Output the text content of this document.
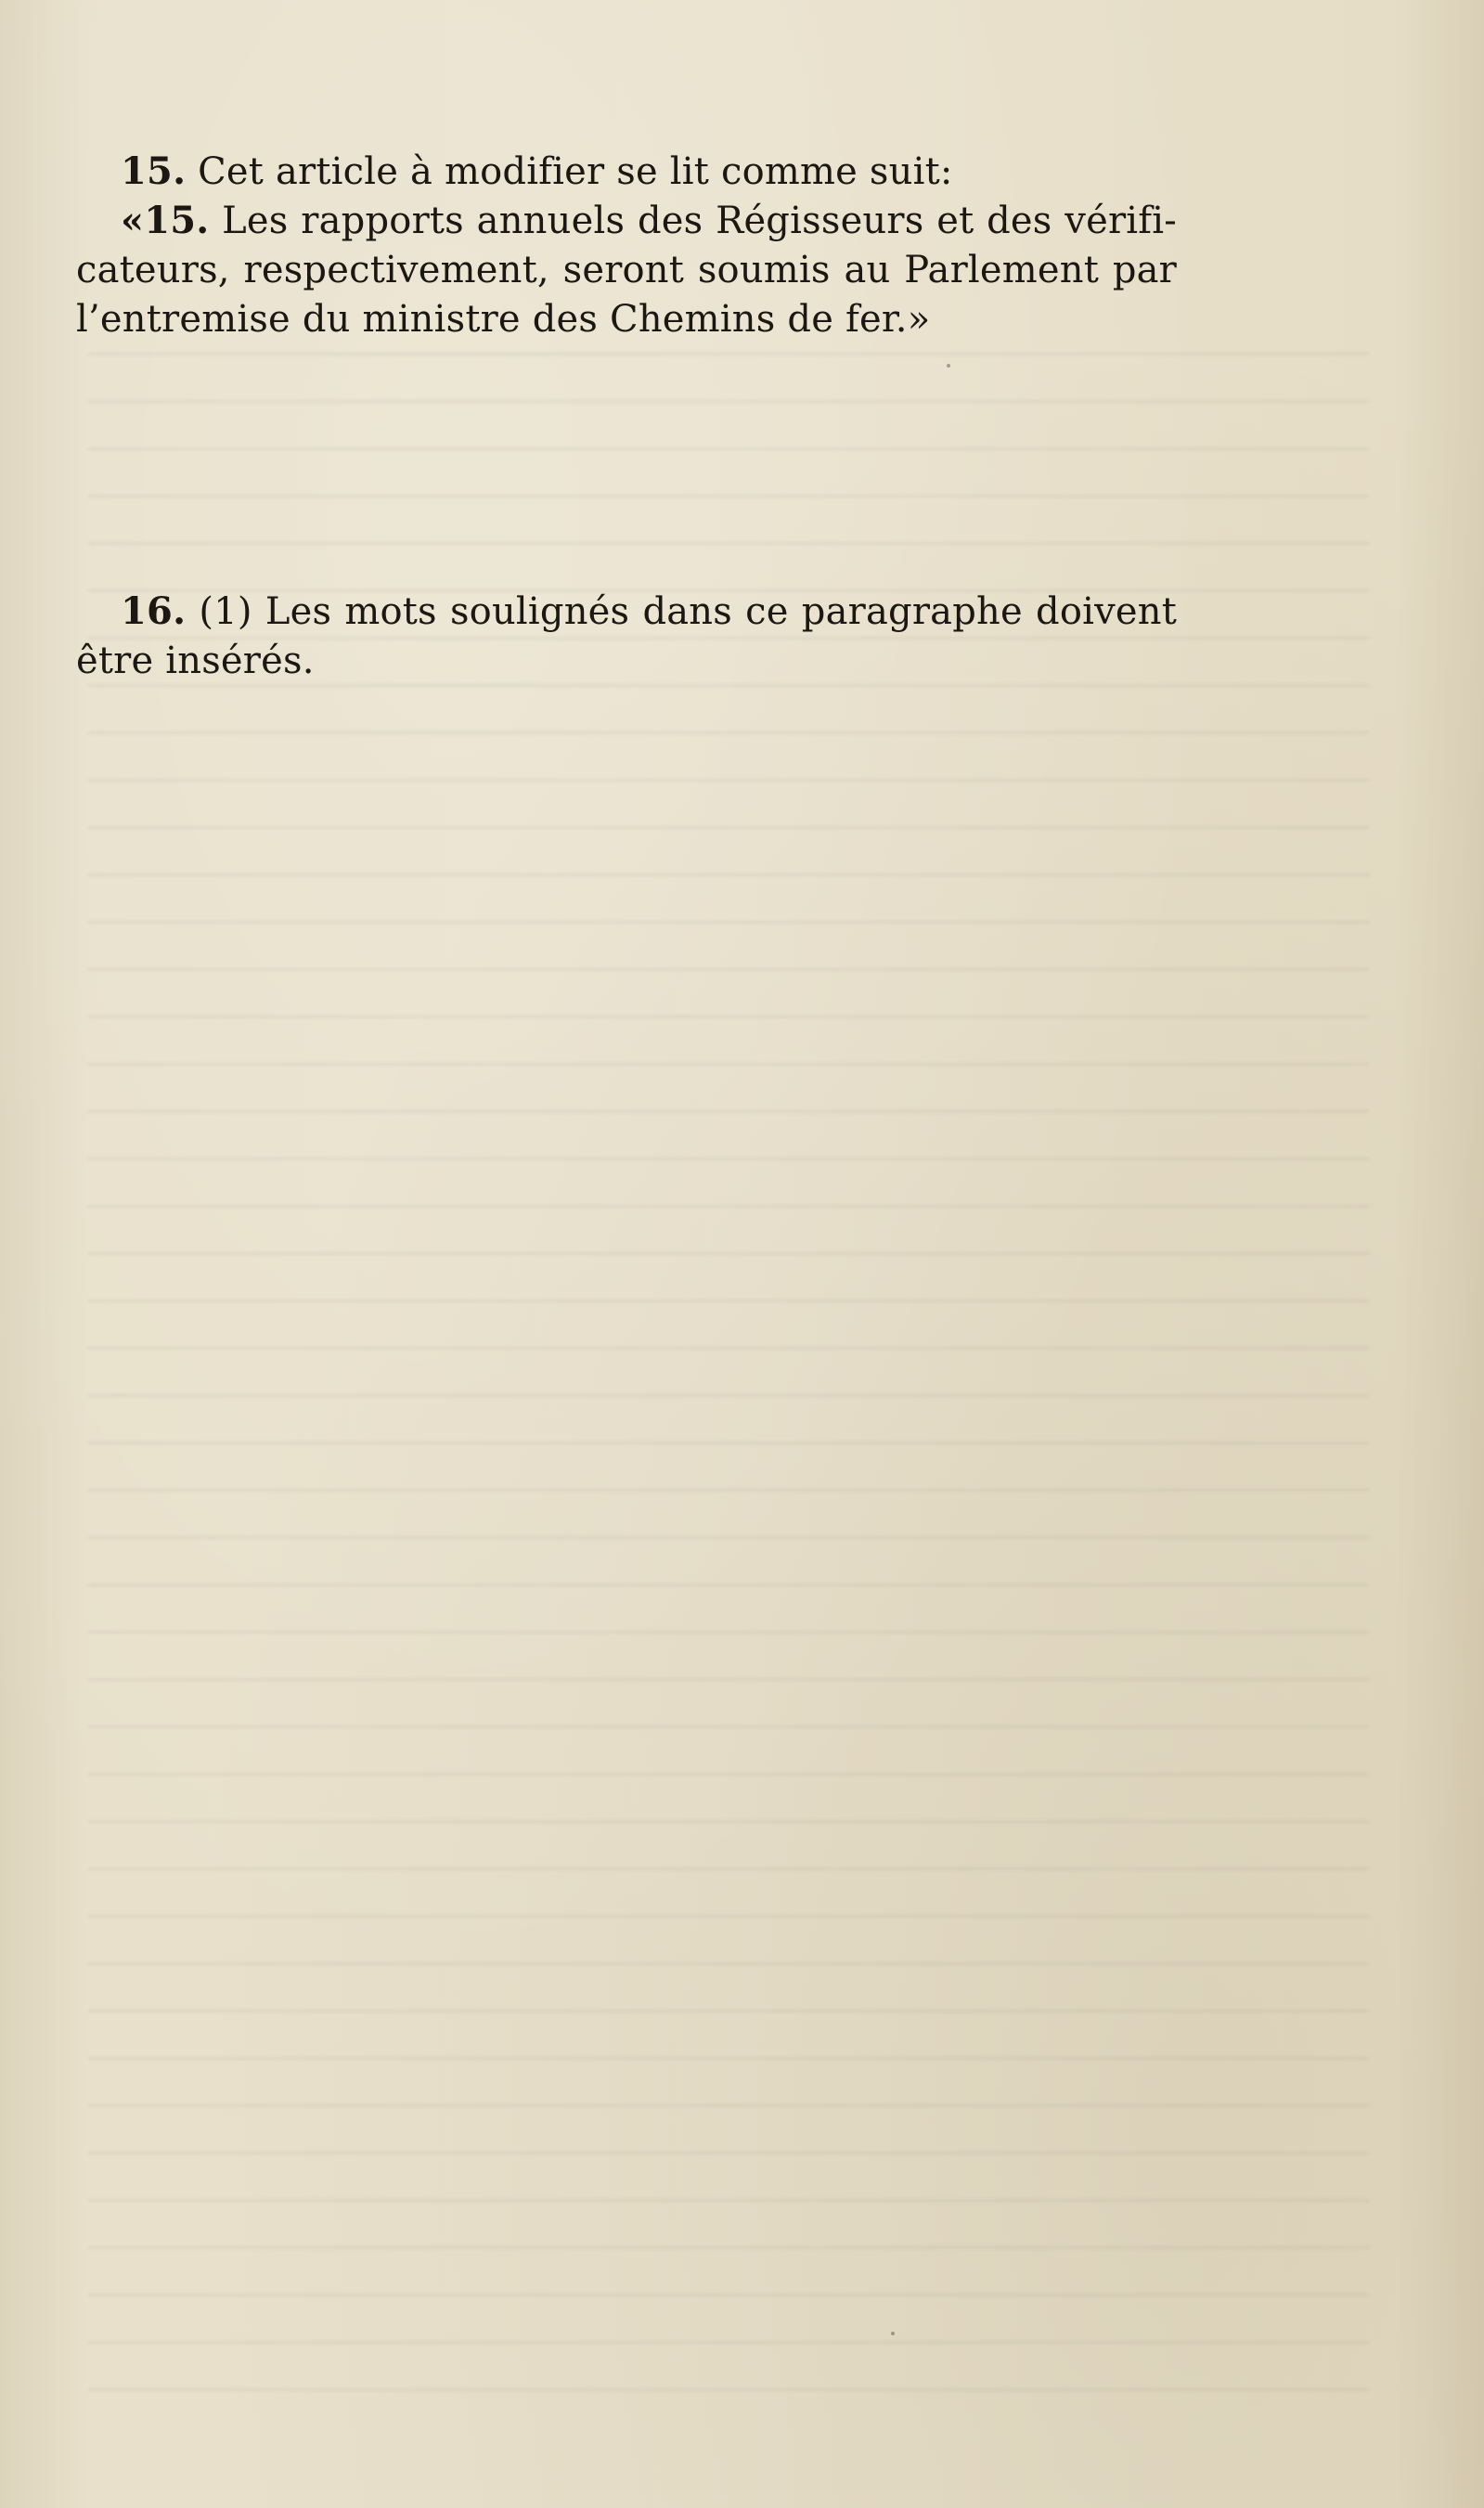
15. Cet article à modifier se lit comme suit:

«15. Les rapports annuels des Régisseurs et des vérifi-
cateurs, respectivement, seront soumis au Parlement par
l’entremise du ministre des Chemins de fer.»
16. (1) Les mots soulignés dans ce paragraphe doivent
être insérés.
